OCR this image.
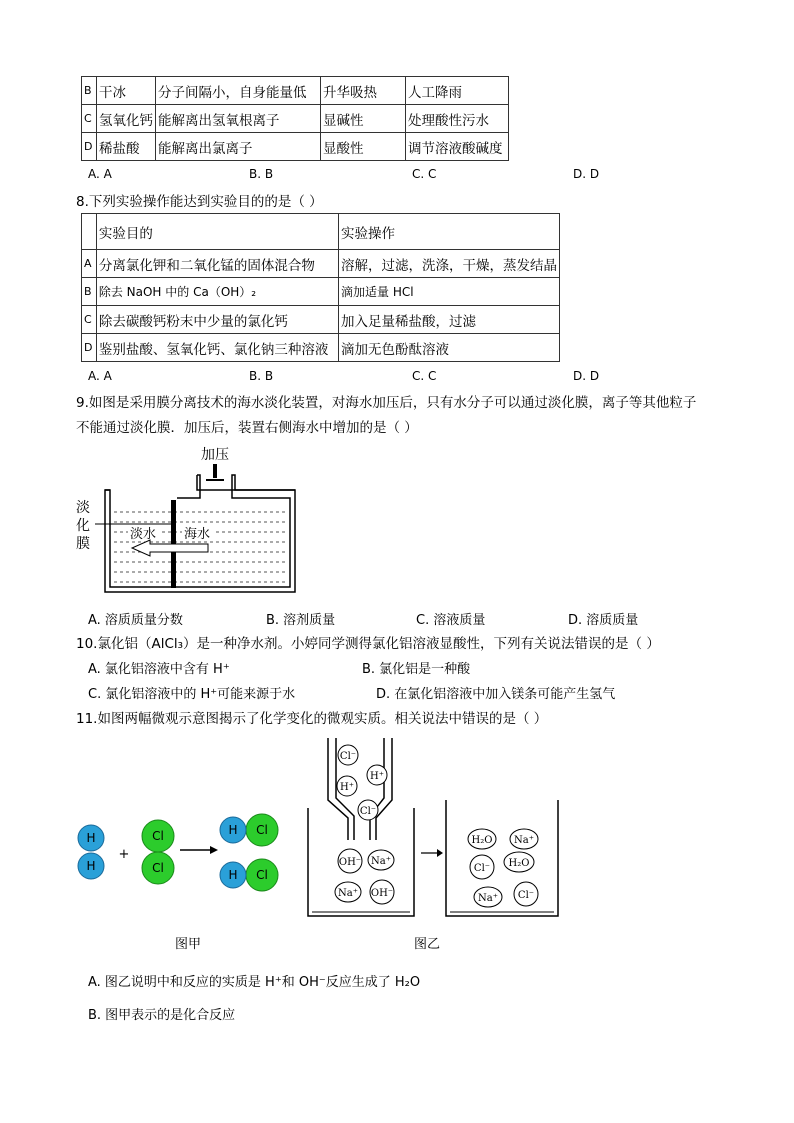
B	干冰	分子间隔小，自身能量低	升华吸热	人工降雨
C	氢氧化钙	能解离出氢氧根离子	显碱性	处理酸性污水
D	稀盐酸	能解离出氯离子	显酸性	调节溶液酸碱度
A. A	B. B	C. C	D. D
8.下列实验操作能达到实验目的的是（ ）
	实验目的	实验操作
A	分离氯化钾和二氧化锰的固体混合物	溶解，过滤，洗涤，干燥，蒸发结晶
B	除去 NaOH 中的 Ca（OH）₂	滴加适量 HCl
C	除去碳酸钙粉末中少量的氯化钙	加入足量稀盐酸，过滤
D	鉴别盐酸、氢氧化钙、氯化钠三种溶液	滴加无色酚酞溶液
A. A	B. B	C. C	D. D
9.如图是采用膜分离技术的海水淡化装置，对海水加压后，只有水分子可以通过淡化膜，离子等其他粒子
不能通过淡化膜．加压后，装置右侧海水中增加的是（ ）
加压
淡
化
膜
淡水 海水
A. 溶质质量分数	B. 溶剂质量	C. 溶液质量	D. 溶质质量
10.氯化铝（AlCl₃）是一种净水剂。小婷同学测得氯化铝溶液显酸性，下列有关说法错误的是（ ）
A. 氯化铝溶液中含有 H⁺	B. 氯化铝是一种酸
C. 氯化铝溶液中的 H⁺可能来源于水	D. 在氯化铝溶液中加入镁条可能产生氢气
11.如图两幅微观示意图揭示了化学变化的微观实质。相关说法中错误的是（ ）
H
H
+
Cl
Cl
Cl
H
Cl
H
图甲
Cl⁻
H⁺
H⁺
Cl⁻
OH⁻ Na⁺
Na⁺ OH⁻
H₂O Na⁺
Cl⁻ H₂O
Na⁺ Cl⁻
图乙
A. 图乙说明中和反应的实质是 H⁺和 OH⁻反应生成了 H₂O
B. 图甲表示的是化合反应
